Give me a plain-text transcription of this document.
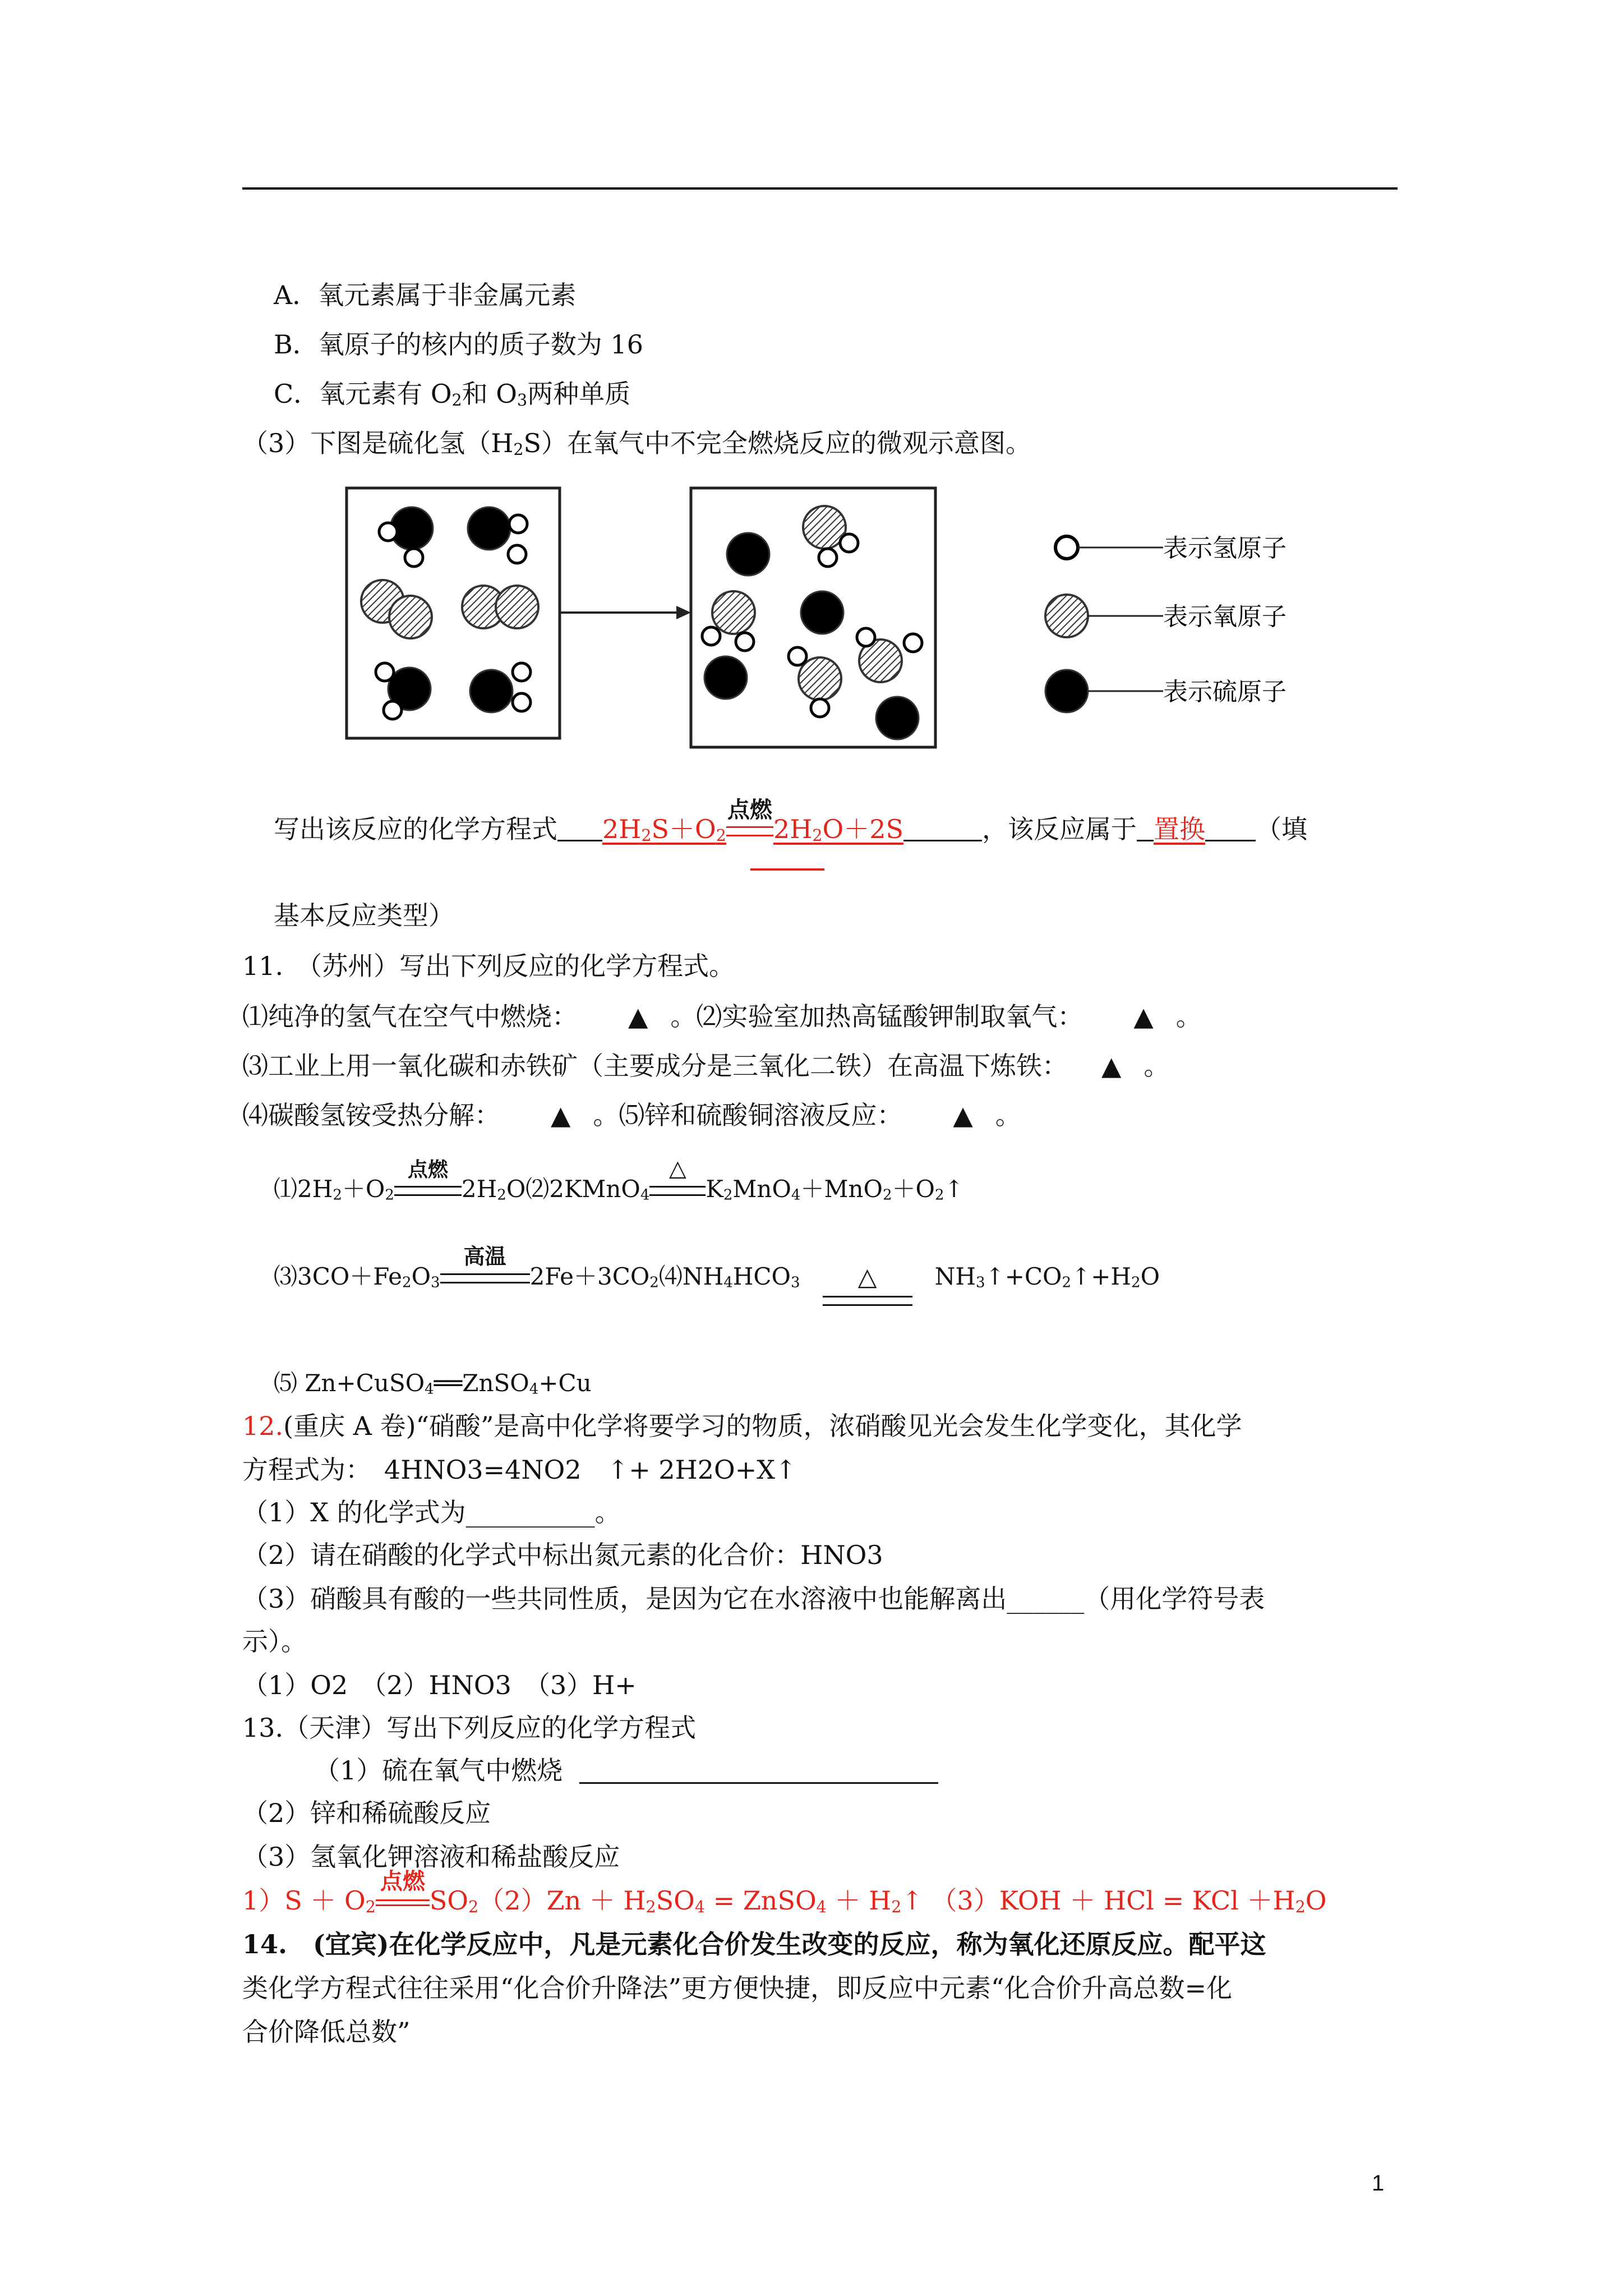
A．氧元素属于非金属元素
B．氧原子的核内的质子数为 16
C．氧元素有 $O_2$和 $O_3$两种单质
（3）下图是硫化氢$(H_2S)$在氧气中不完全燃烧反应的微观示意图。
表示氢原子
表示氧原子
表示硫原子
写出该反应的化学方程式 $2H_2S+O_2$
点燃
$2H_2O+2S$	，该反应属于 置换 （填
基本反应类型）
11.　（苏州）写出下列反应的化学方程式。
⑴纯净的氢气在空气中燃烧： ▲ 。⑵实验室加热高锰酸钾制取氧气： ▲ 。
⑶工业上用一氧化碳和赤铁矿（主要成分是三氧化二铁）在高温下炼铁： ▲ 。
⑷碳酸氢铵受热分解： ▲ 。⑸锌和硫酸铜溶液反应： ▲ 。
$⑴2H_2+O_2$
点燃
$2H_2O⑵2KMnO_4$
△
$K_2MnO_4+MnO_2+O_2↑$
$⑶3CO+Fe_2O_3$
高温
$2Fe+3CO_2⑷NH_4HCO_3$	△	$NH_3↑+CO_2↑+H_2O$
⑸ Zn+CuSO$_4$══ZnSO$_4$+Cu
12.(重庆 A 卷)“硝酸”是高中化学将要学习的物质，浓硝酸见光会发生化学变化，其化学
方程式为：　4HNO3=4NO2　↑+ 2H2O+X↑
（1）X 的化学式为__________。
（2）请在硝酸的化学式中标出氮元素的化合价：HNO3
（3）硝酸具有酸的一些共同性质，是因为它在水溶液中也能解离出______（用化学符号表
示）。
（1）O2　（2）HNO3　（3）H+
13.（天津）写出下列反应的化学方程式
（1）硫在氧气中燃烧
（2）锌和稀硫酸反应
（3）氢氧化钾溶液和稀盐酸反应
$1)S + O_2$
点燃
$SO_2(2)Zn + H_2SO_4$ = ZnSO$_4$ ＋ $H_2↑$ （3）KOH ＋ HCl = KCl $+H_2O$
14.　(宜宾)在化学反应中，凡是元素化合价发生改变的反应，称为氧化还原反应。配平这
类化学方程式往往采用“化合价升降法”更方便快捷，即反应中元素“化合价升高总数=化
合价降低总数”
1
